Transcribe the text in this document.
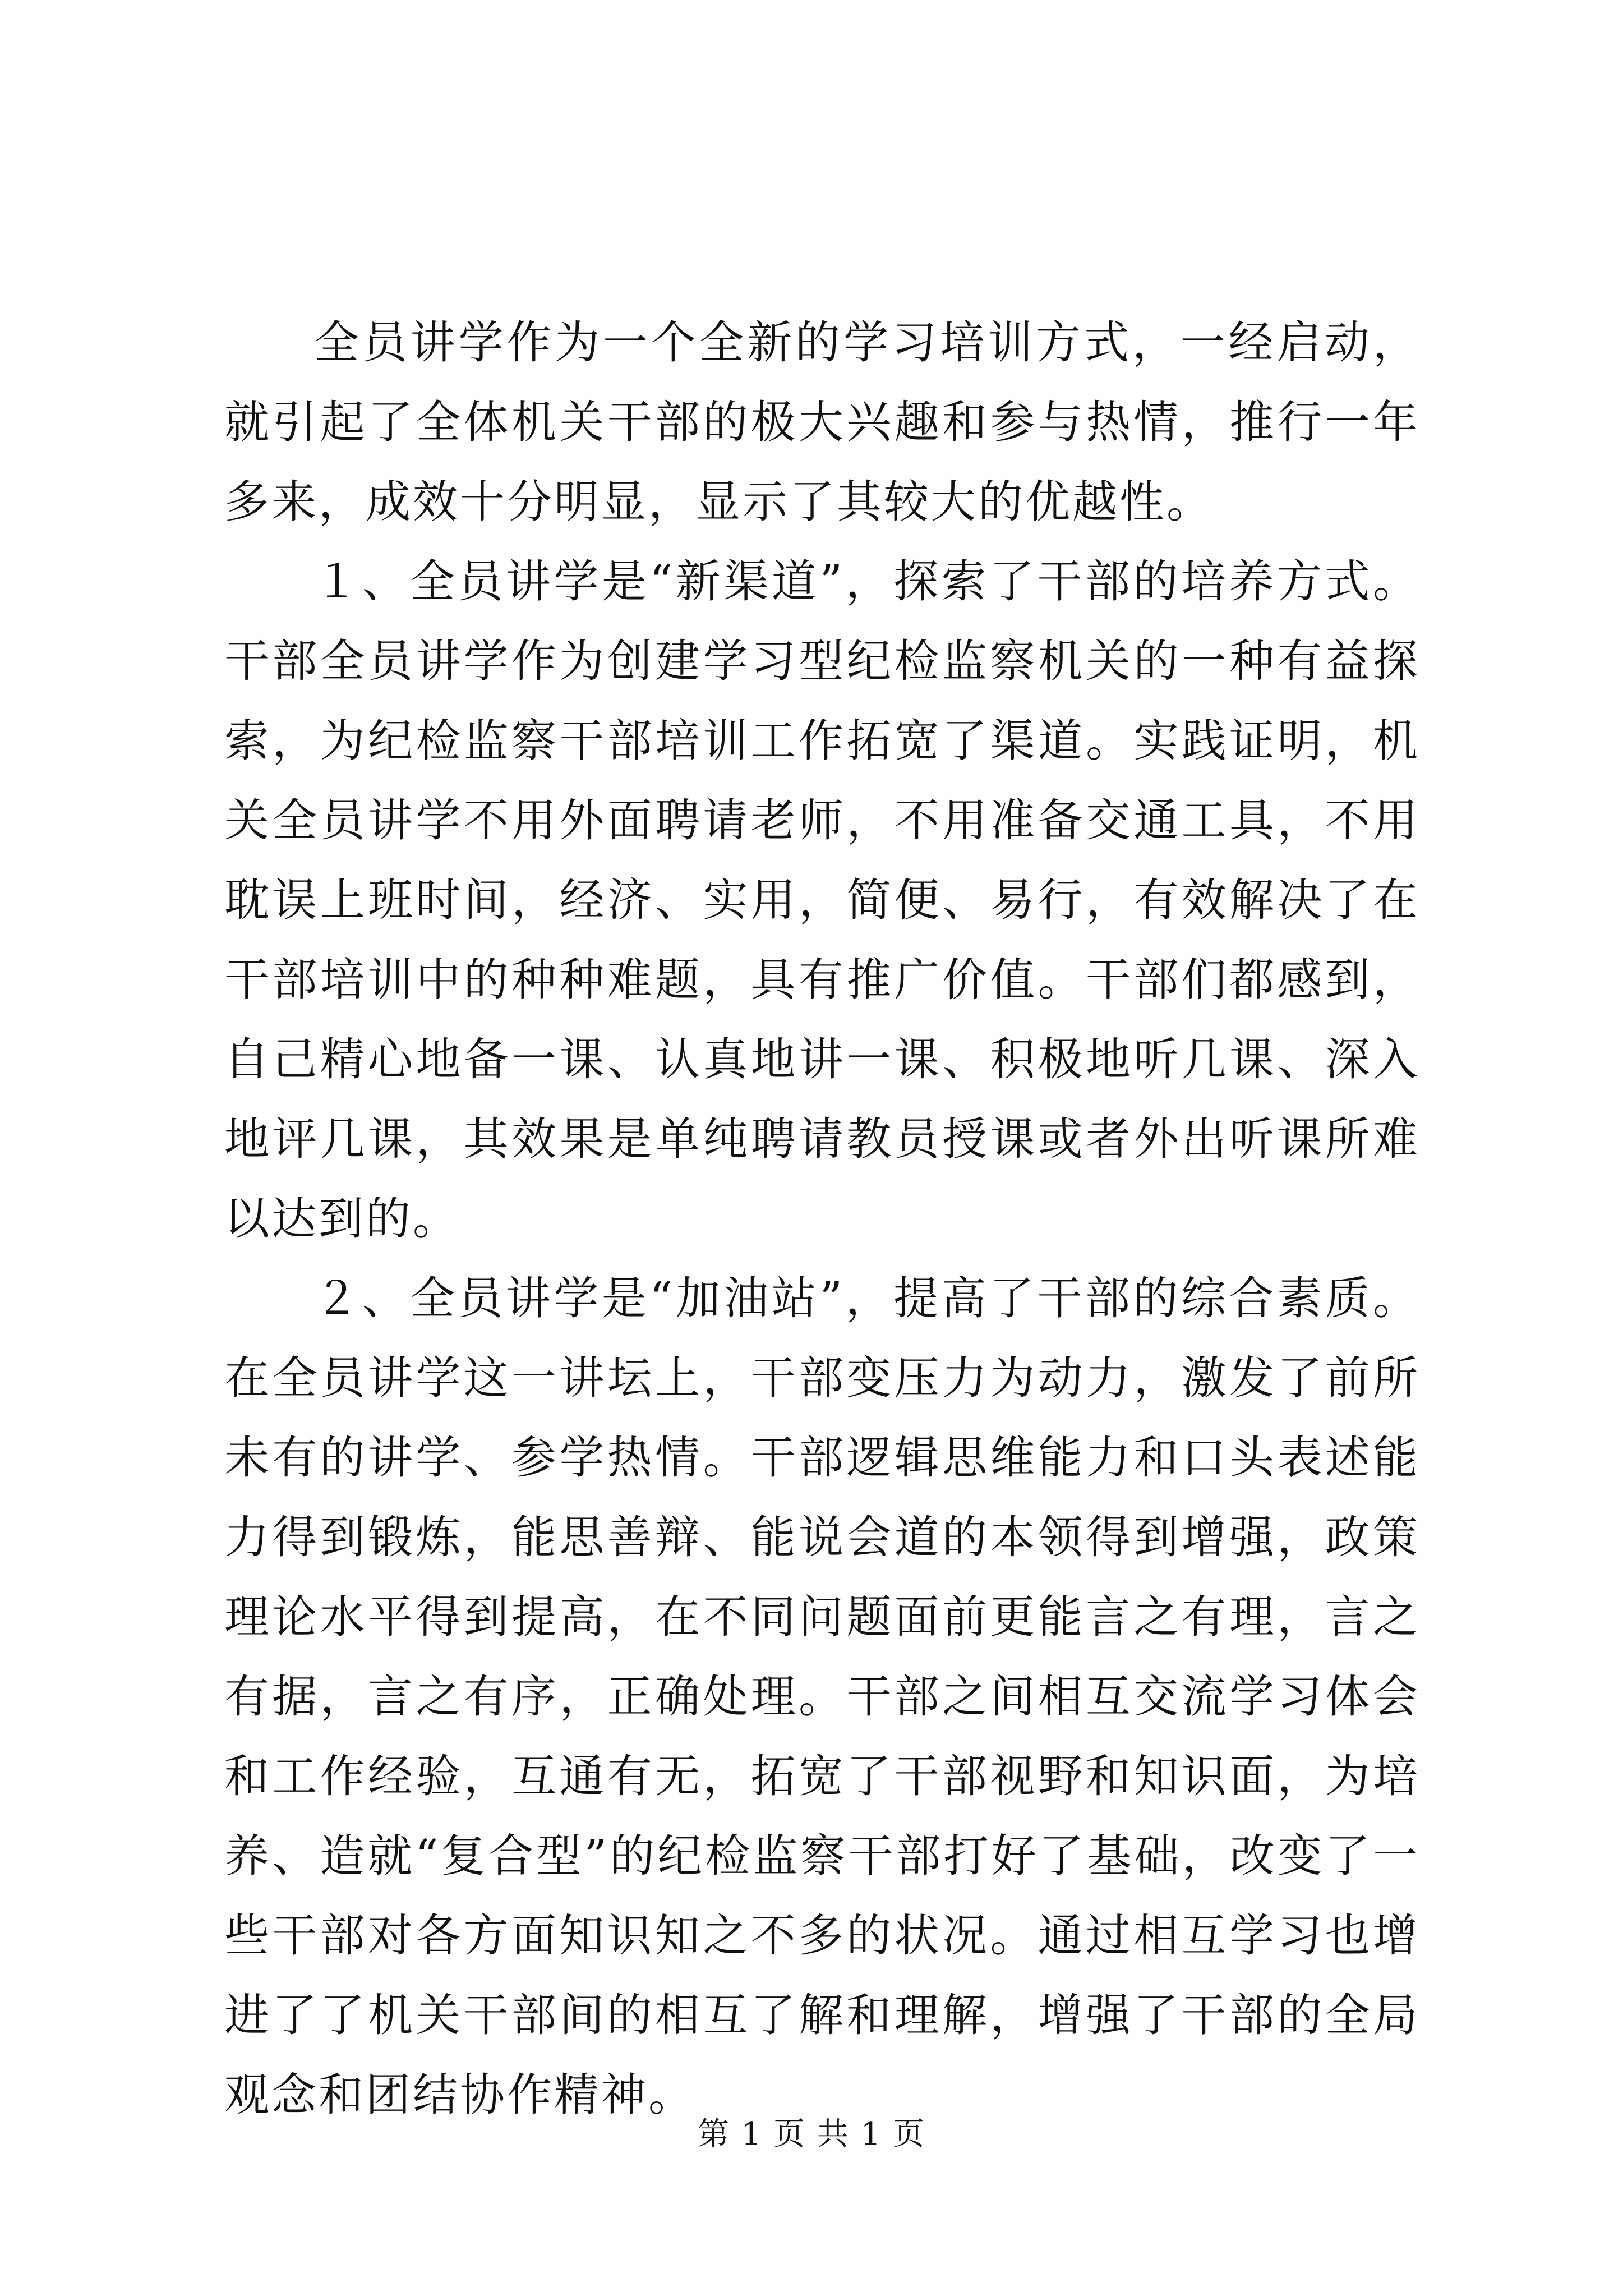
全员讲学作为一个全新的学习培训方式，一经启动，就引起了全体机关干部的极大兴趣和参与热情，推行一年多来，成效十分明显，显示了其较大的优越性。

１、全员讲学是“新渠道”，探索了干部的培养方式。干部全员讲学作为创建学习型纪检监察机关的一种有益探索，为纪检监察干部培训工作拓宽了渠道。实践证明，机关全员讲学不用外面聘请老师，不用准备交通工具，不用耽误上班时间，经济、实用，简便、易行，有效解决了在干部培训中的种种难题，具有推广价值。干部们都感到，自己精心地备一课、认真地讲一课、积极地听几课、深入地评几课，其效果是单纯聘请教员授课或者外出听课所难以达到的。

２、全员讲学是“加油站”，提高了干部的综合素质。在全员讲学这一讲坛上，干部变压力为动力，激发了前所未有的讲学、参学热情。干部逻辑思维能力和口头表述能力得到锻炼，能思善辩、能说会道的本领得到增强，政策理论水平得到提高，在不同问题面前更能言之有理，言之有据，言之有序，正确处理。干部之间相互交流学习体会和工作经验，互通有无，拓宽了干部视野和知识面，为培养、造就“复合型”的纪检监察干部打好了基础，改变了一些干部对各方面知识知之不多的状况。通过相互学习也增进了了机关干部间的相互了解和理解，增强了干部的全局观念和团结协作精神。

第 1 页 共 1 页
